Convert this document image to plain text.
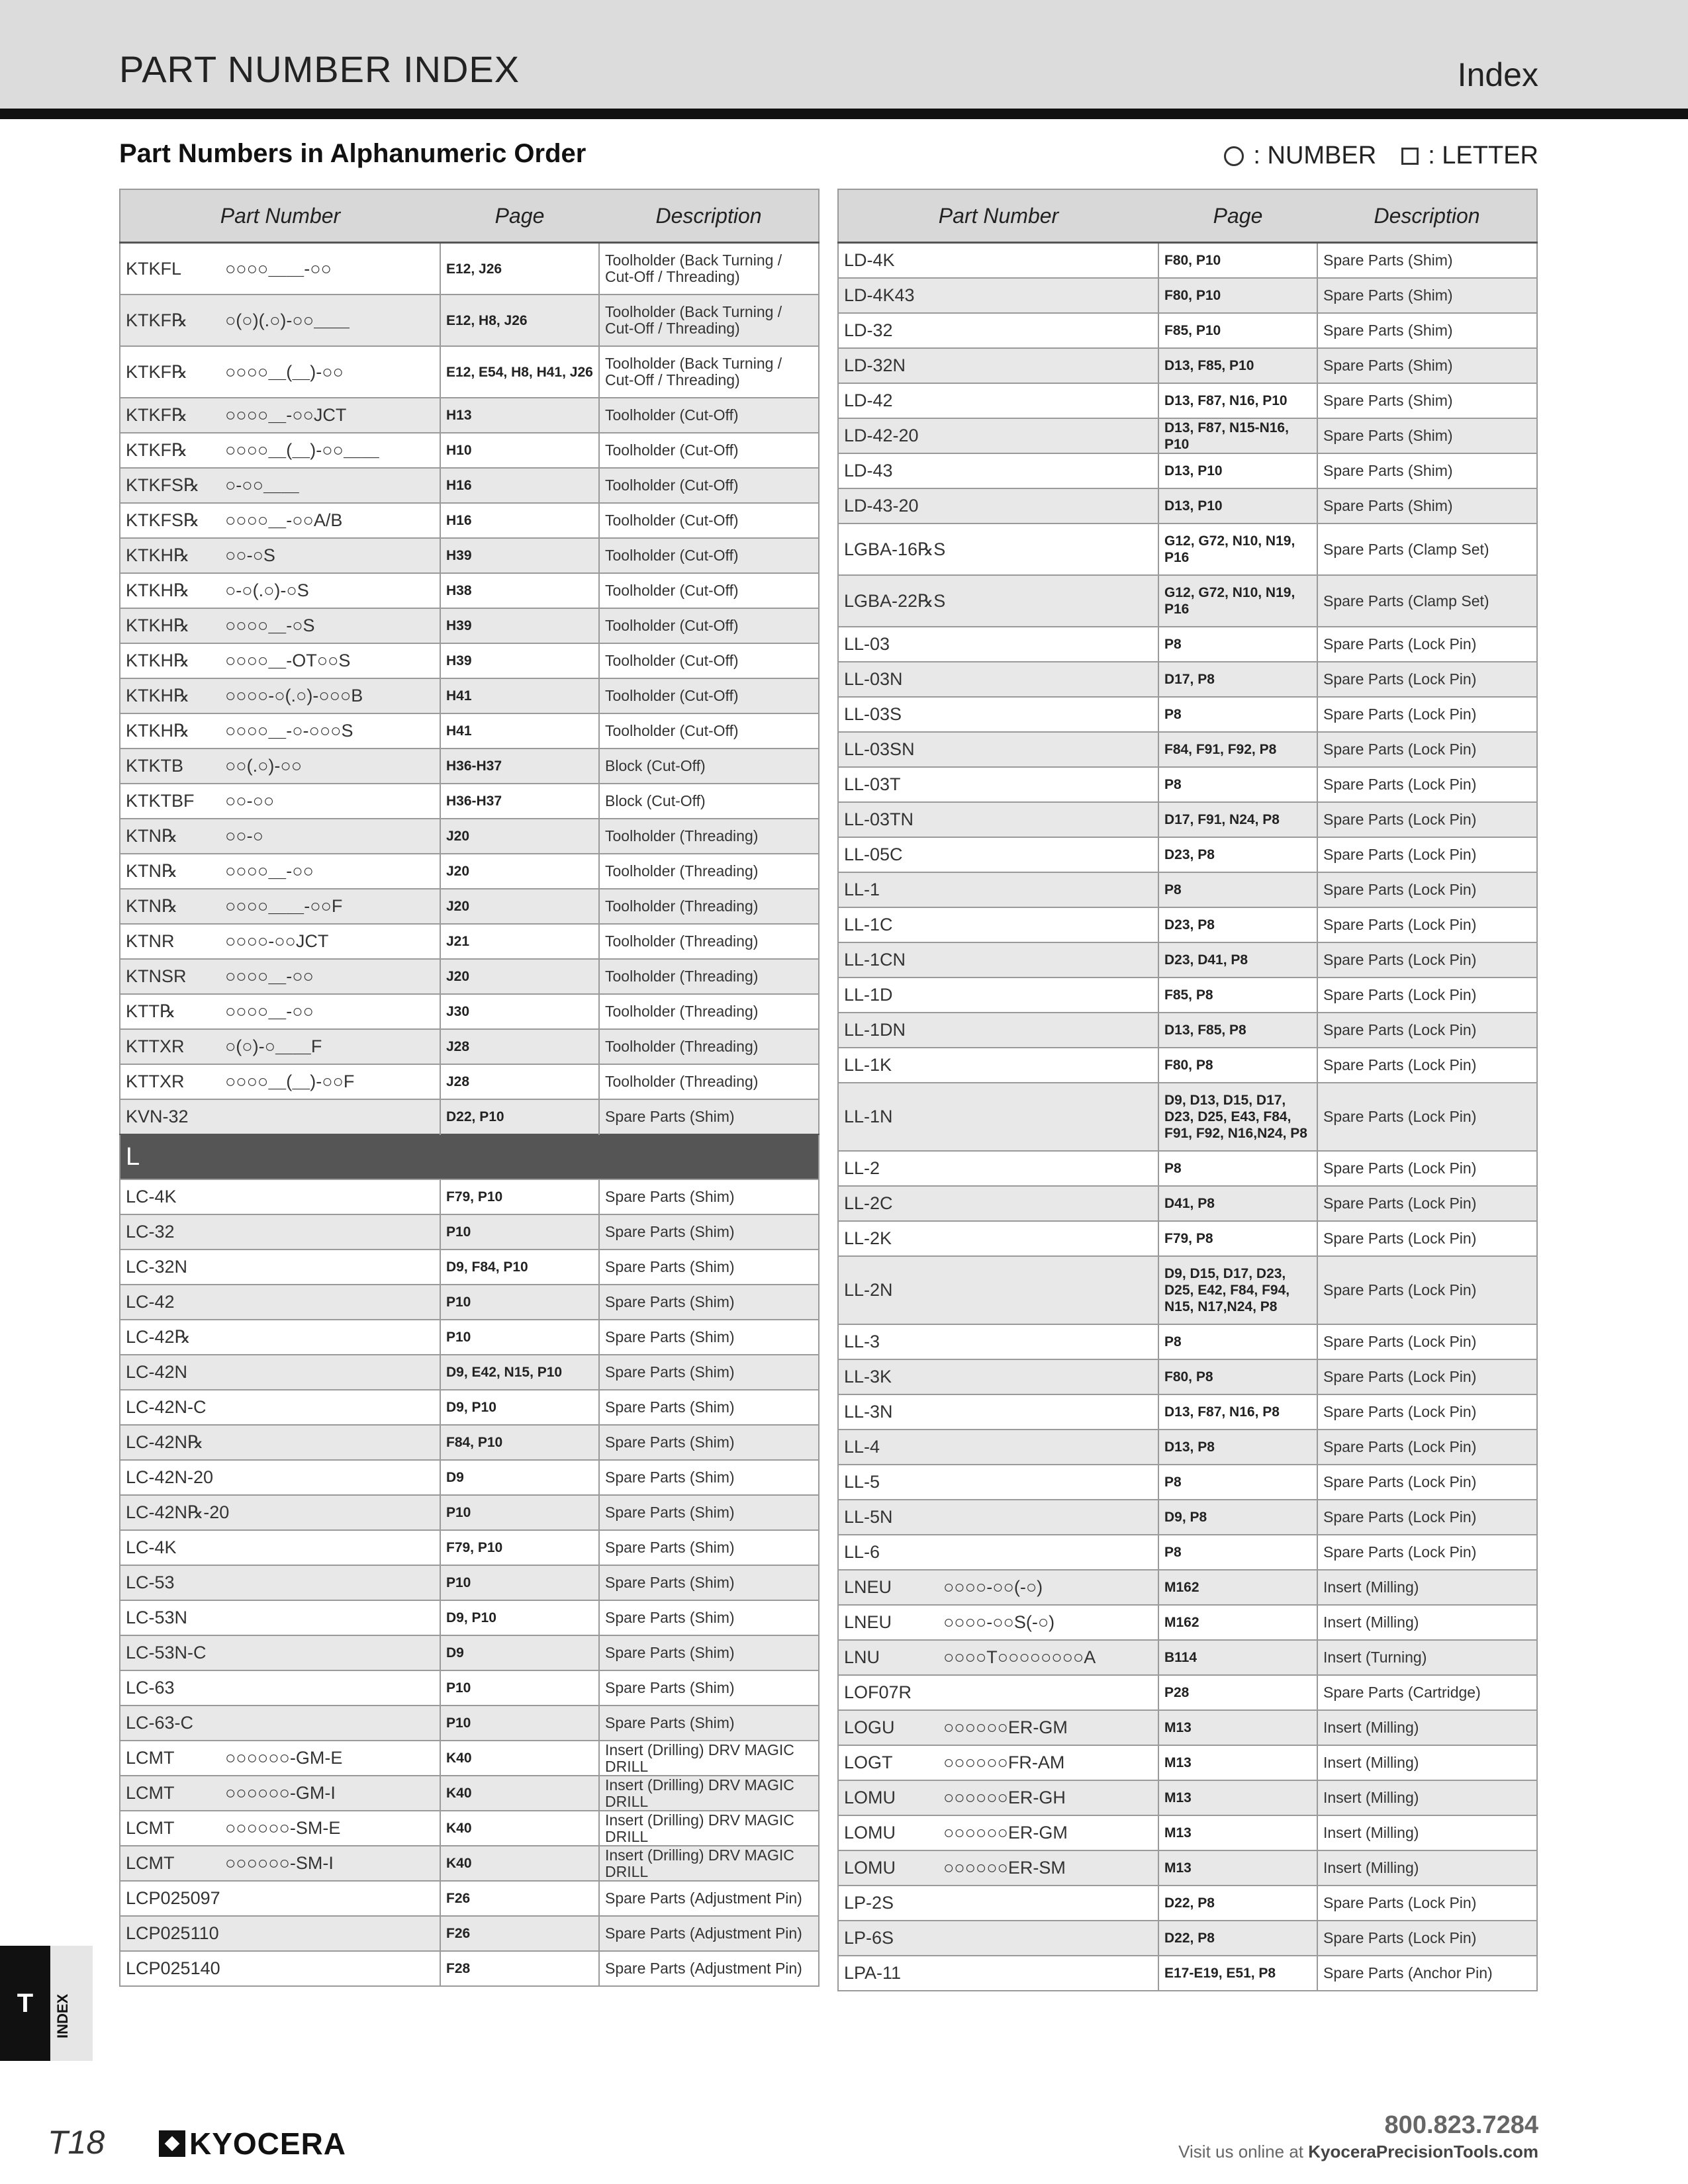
PART NUMBER INDEX	Index
Part Numbers in Alphanumeric Order	: NUMBER : LETTER
Part Number	Page	Description
KTKFL ○○○○＿＿-○○	E12, J26	Toolholder (Back Turning / Cut-Off / Threading)
KTKF℞ ○(○)(.○)-○○＿＿	E12, H8, J26	Toolholder (Back Turning / Cut-Off / Threading)
KTKF℞ ○○○○＿(＿)-○○	E12, E54, H8, H41, J26	Toolholder (Back Turning / Cut-Off / Threading)
KTKF℞ ○○○○＿-○○JCT	H13	Toolholder (Cut-Off)
KTKF℞ ○○○○＿(＿)-○○＿＿	H10	Toolholder (Cut-Off)
KTKFS℞ ○-○○＿＿	H16	Toolholder (Cut-Off)
KTKFS℞ ○○○○＿-○○A/B	H16	Toolholder (Cut-Off)
KTKH℞ ○○-○S	H39	Toolholder (Cut-Off)
KTKH℞ ○-○(.○)-○S	H38	Toolholder (Cut-Off)
KTKH℞ ○○○○＿-○S	H39	Toolholder (Cut-Off)
KTKH℞ ○○○○＿-OT○○S	H39	Toolholder (Cut-Off)
KTKH℞ ○○○○-○(.○)-○○○B	H41	Toolholder (Cut-Off)
KTKH℞ ○○○○＿-○-○○○S	H41	Toolholder (Cut-Off)
KTKTB ○○(.○)-○○	H36-H37	Block (Cut-Off)
KTKTBF ○○-○○	H36-H37	Block (Cut-Off)
KTN℞ ○○-○	J20	Toolholder (Threading)
KTN℞ ○○○○＿-○○	J20	Toolholder (Threading)
KTN℞ ○○○○＿＿-○○F	J20	Toolholder (Threading)
KTNR ○○○○-○○JCT	J21	Toolholder (Threading)
KTNSR ○○○○＿-○○	J20	Toolholder (Threading)
KTT℞ ○○○○＿-○○	J30	Toolholder (Threading)
KTTXR ○(○)-○＿＿F	J28	Toolholder (Threading)
KTTXR ○○○○＿(＿)-○○F	J28	Toolholder (Threading)
KVN-32	D22, P10	Spare Parts (Shim)
L		
LC-4K	F79, P10	Spare Parts (Shim)
LC-32	P10	Spare Parts (Shim)
LC-32N	D9, F84, P10	Spare Parts (Shim)
LC-42	P10	Spare Parts (Shim)
LC-42℞	P10	Spare Parts (Shim)
LC-42N	D9, E42, N15, P10	Spare Parts (Shim)
LC-42N-C	D9, P10	Spare Parts (Shim)
LC-42N℞	F84, P10	Spare Parts (Shim)
LC-42N-20	D9	Spare Parts (Shim)
LC-42N℞-20	P10	Spare Parts (Shim)
LC-4K	F79, P10	Spare Parts (Shim)
LC-53	P10	Spare Parts (Shim)
LC-53N	D9, P10	Spare Parts (Shim)
LC-53N-C	D9	Spare Parts (Shim)
LC-63	P10	Spare Parts (Shim)
LC-63-C	P10	Spare Parts (Shim)
LCMT ○○○○○○-GM-E	K40	Insert (Drilling) DRV MAGIC DRILL
LCMT ○○○○○○-GM-I	K40	Insert (Drilling) DRV MAGIC DRILL
LCMT ○○○○○○-SM-E	K40	Insert (Drilling) DRV MAGIC DRILL
LCMT ○○○○○○-SM-I	K40	Insert (Drilling) DRV MAGIC DRILL
LCP025097	F26	Spare Parts (Adjustment Pin)
LCP025110	F26	Spare Parts (Adjustment Pin)
LCP025140	F28	Spare Parts (Adjustment Pin)
Part Number	Page	Description
LD-4K	F80, P10	Spare Parts (Shim)
LD-4K43	F80, P10	Spare Parts (Shim)
LD-32	F85, P10	Spare Parts (Shim)
LD-32N	D13, F85, P10	Spare Parts (Shim)
LD-42	D13, F87, N16, P10	Spare Parts (Shim)
LD-42-20	D13, F87, N15-N16, P10	Spare Parts (Shim)
LD-43	D13, P10	Spare Parts (Shim)
LD-43-20	D13, P10	Spare Parts (Shim)
LGBA-16℞S	G12, G72, N10, N19, P16	Spare Parts (Clamp Set)
LGBA-22℞S	G12, G72, N10, N19, P16	Spare Parts (Clamp Set)
LL-03	P8	Spare Parts (Lock Pin)
LL-03N	D17, P8	Spare Parts (Lock Pin)
LL-03S	P8	Spare Parts (Lock Pin)
LL-03SN	F84, F91, F92, P8	Spare Parts (Lock Pin)
LL-03T	P8	Spare Parts (Lock Pin)
LL-03TN	D17, F91, N24, P8	Spare Parts (Lock Pin)
LL-05C	D23, P8	Spare Parts (Lock Pin)
LL-1	P8	Spare Parts (Lock Pin)
LL-1C	D23, P8	Spare Parts (Lock Pin)
LL-1CN	D23, D41, P8	Spare Parts (Lock Pin)
LL-1D	F85, P8	Spare Parts (Lock Pin)
LL-1DN	D13, F85, P8	Spare Parts (Lock Pin)
LL-1K	F80, P8	Spare Parts (Lock Pin)
LL-1N	D9, D13, D15, D17, D23, D25, E43, F84, F91, F92, N16,N24, P8	Spare Parts (Lock Pin)
LL-2	P8	Spare Parts (Lock Pin)
LL-2C	D41, P8	Spare Parts (Lock Pin)
LL-2K	F79, P8	Spare Parts (Lock Pin)
LL-2N	D9, D15, D17, D23, D25, E42, F84, F94, N15, N17,N24, P8	Spare Parts (Lock Pin)
LL-3	P8	Spare Parts (Lock Pin)
LL-3K	F80, P8	Spare Parts (Lock Pin)
LL-3N	D13, F87, N16, P8	Spare Parts (Lock Pin)
LL-4	D13, P8	Spare Parts (Lock Pin)
LL-5	P8	Spare Parts (Lock Pin)
LL-5N	D9, P8	Spare Parts (Lock Pin)
LL-6	P8	Spare Parts (Lock Pin)
LNEU ○○○○-○○(-○)	M162	Insert (Milling)
LNEU ○○○○-○○S(-○)	M162	Insert (Milling)
LNU ○○○○T○○○○○○○○A	B114	Insert (Turning)
LOF07R	P28	Spare Parts (Cartridge)
LOGU ○○○○○○ER-GM	M13	Insert (Milling)
LOGT ○○○○○○FR-AM	M13	Insert (Milling)
LOMU ○○○○○○ER-GH	M13	Insert (Milling)
LOMU ○○○○○○ER-GM	M13	Insert (Milling)
LOMU ○○○○○○ER-SM	M13	Insert (Milling)
LP-2S	D22, P8	Spare Parts (Lock Pin)
LP-6S	D22, P8	Spare Parts (Lock Pin)
LPA-11	E17-E19, E51, P8	Spare Parts (Anchor Pin)
T	INDEX
T18	KYOCERA
800.823.7284
Visit us online at KyoceraPrecisionTools.com
